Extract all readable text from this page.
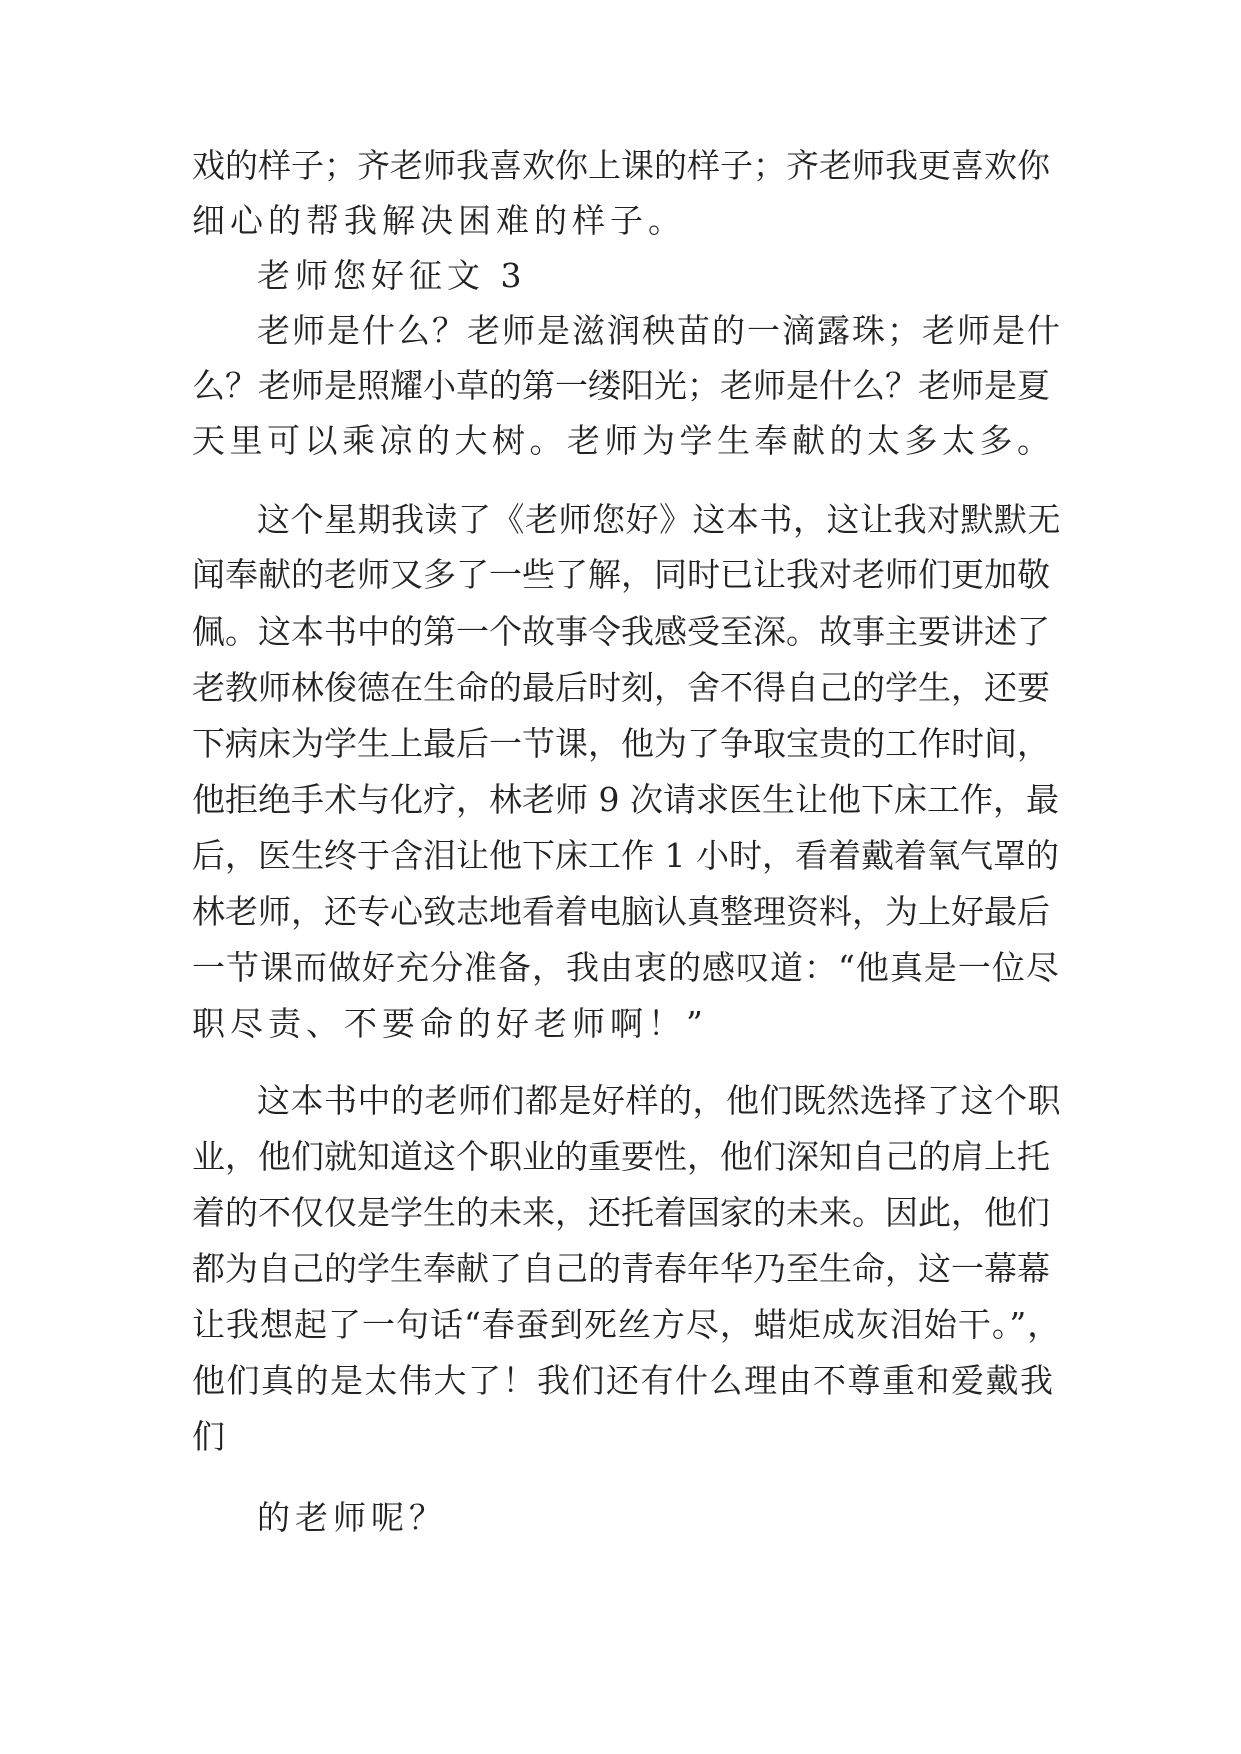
戏的样子；齐老师我喜欢你上课的样子；齐老师我更喜欢你
细心的帮我解决困难的样子。
老师您好征文 3
老师是什么？老师是滋润秧苗的一滴露珠；老师是什
么？老师是照耀小草的第一缕阳光；老师是什么？老师是夏
天里可以乘凉的大树。老师为学生奉献的太多太多。
这个星期我读了《老师您好》这本书，这让我对默默无
闻奉献的老师又多了一些了解，同时已让我对老师们更加敬
佩。这本书中的第一个故事令我感受至深。故事主要讲述了
老教师林俊德在生命的最后时刻，舍不得自己的学生，还要
下病床为学生上最后一节课，他为了争取宝贵的工作时间，
他拒绝手术与化疗，林老师 9 次请求医生让他下床工作，最
后，医生终于含泪让他下床工作 1 小时，看着戴着氧气罩的
林老师，还专心致志地看着电脑认真整理资料，为上好最后
一节课而做好充分准备，我由衷的感叹道：“他真是一位尽
职尽责、不要命的好老师啊！”
这本书中的老师们都是好样的，他们既然选择了这个职
业，他们就知道这个职业的重要性，他们深知自己的肩上托
着的不仅仅是学生的未来，还托着国家的未来。因此，他们
都为自己的学生奉献了自己的青春年华乃至生命，这一幕幕
让我想起了一句话“春蚕到死丝方尽，蜡炬成灰泪始干。”，
他们真的是太伟大了！我们还有什么理由不尊重和爱戴我
们
的老师呢？
